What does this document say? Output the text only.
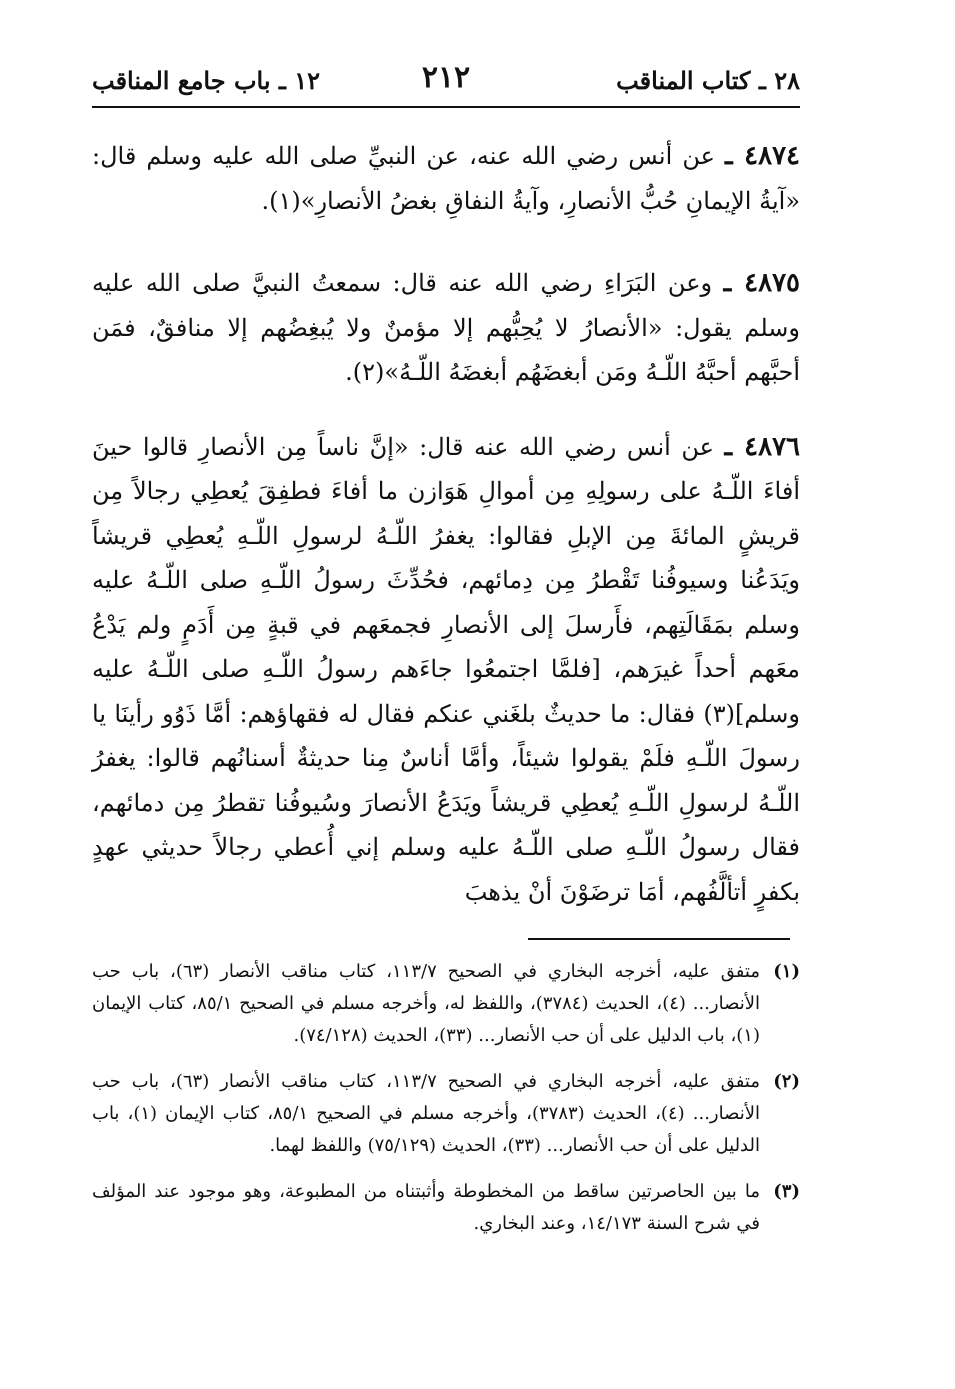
٢٨ ـ كتاب المناقب
٢١٢
١٢ ـ باب جامع المناقب

٤٨٧٤ ـ عن أنس رضي الله عنه، عن النبيِّ صلى الله عليه وسلم قال: «آيةُ الإيمانِ حُبُّ الأنصارِ، وآيةُ النفاقِ بغضُ الأنصارِ»(١).

٤٨٧٥ ـ وعن البَرَاءِ رضي الله عنه قال: سمعتُ النبيَّ صلى الله عليه وسلم يقول: «الأنصارُ لا يُحِبُّهم إلا مؤمنٌ ولا يُبغِضُهم إلا منافقٌ، فمَن أحبَّهم أحبَّهُ اللّـهُ ومَن أبغضَهُم أبغضَهُ اللّـهُ»(٢).

٤٨٧٦ ـ عن أنس رضي الله عنه قال: «إنَّ ناساً مِن الأنصارِ قالوا حينَ أفاءَ اللّـهُ على رسولِهِ مِن أموالِ هَوَازن ما أفاءَ فطفِقَ يُعطِي رجالاً مِن قريشٍ المائةَ مِن الإبلِ فقالوا: يغفرُ اللّـهُ لرسولِ اللّـهِ يُعطِي قريشاً ويَدَعُنا وسيوفُنا تَقْطرُ مِن دِمائهم، فحُدِّثَ رسولُ اللّـهِ صلى اللّـهُ عليه وسلم بمَقَالَتِهم، فأَرسلَ إلى الأنصارِ فجمعَهم في قبةٍ مِن أَدَمٍ ولم يَدْعُ معَهم أحداً غيرَهم، [فلمَّا اجتمعُوا جاءَهم رسولُ اللّـهِ صلى اللّـهُ عليه وسلم](٣) فقال: ما حديثٌ بلغَني عنكم فقال له فقهاؤهم: أمَّا ذَوُو رأينَا يا رسولَ اللّـهِ فلَمْ يقولوا شيئاً، وأمَّا أناسٌ مِنا حديثةٌ أسنانُهم قالوا: يغفرُ اللّـهُ لرسولِ اللّـهِ يُعطِي قريشاً ويَدَعُ الأنصارَ وسُيوفُنا تقطرُ مِن دمائهم، فقال رسولُ اللّـهِ صلى اللّـهُ عليه وسلم إني أُعطي رجالاً حديثي عهدٍ بكفرٍ أتألَّفُهم، أمَا ترضَوْنَ أنْ يذهبَ

(١)
متفق عليه، أخرجه البخاري في الصحيح ١١٣/٧، كتاب مناقب الأنصار (٦٣)، باب حب الأنصار... (٤)، الحديث (٣٧٨٤)، واللفظ له، وأخرجه مسلم في الصحيح ٨٥/١، كتاب الإيمان (١)، باب الدليل على أن حب الأنصار... (٣٣)، الحديث (٧٤/١٢٨).

(٢)
متفق عليه، أخرجه البخاري في الصحيح ١١٣/٧، كتاب مناقب الأنصار (٦٣)، باب حب الأنصار... (٤)، الحديث (٣٧٨٣)، وأخرجه مسلم في الصحيح ٨٥/١، كتاب الإيمان (١)، باب الدليل على أن حب الأنصار... (٣٣)، الحديث (٧٥/١٢٩) واللفظ لهما.

(٣)
ما بين الحاصرتين ساقط من المخطوطة وأثبتناه من المطبوعة، وهو موجود عند المؤلف في شرح السنة ١٤/١٧٣، وعند البخاري.
